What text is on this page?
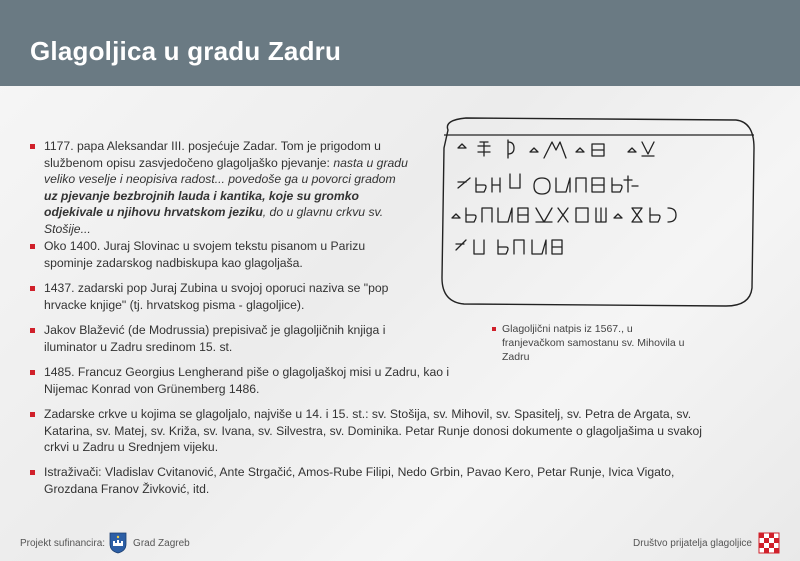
Glagoljica u gradu Zadru
1177. papa Aleksandar III. posjećuje Zadar. Tom je prigodom u službenom opisu zasvjedočeno glagoljaško pjevanje: nasta u gradu veliko veselje i neopisiva radost... povedoše ga u povorci gradom uz pjevanje bezbrojnih lauda i kantika, koje su gromko odjekivale u njihovu hrvatskom jeziku, do u glavnu crkvu sv. Stošije...
Oko 1400. Juraj Slovinac u svojem tekstu pisanom u Parizu spominje zadarskog nadbiskupa kao glagoljaša.
1437. zadarski pop Juraj Zubina u svojoj oporuci naziva se "pop hrvacke knjige" (tj. hrvatskog pisma - glagoljice).
Jakov Blažević (de Modrussia) prepisivač je glagoljičnih knjiga i iluminator u Zadru sredinom 15. st.
1485. Francuz Georgius Lengherand piše o glagoljaškoj misi u Zadru, kao i Nijemac Konrad von Grünemberg 1486.
Zadarske crkve u kojima se glagoljalo, najviše u 14. i 15. st.: sv. Stošija, sv. Mihovil, sv. Spasitelj, sv. Petra de Argata, sv. Katarina, sv. Matej, sv. Križa, sv. Ivana, sv. Silvestra, sv. Dominika. Petar Runje donosi dokumente o glagoljašima u svakoj crkvi u Zadru u Srednjem vijeku.
Istraživači: Vladislav Cvitanović, Ante Strgačić, Amos-Rube Filipi, Nedo Grbin, Pavao Kero, Petar Runje, Ivica Vigato, Grozdana Franov Živković, itd.
Glagoljični natpis iz 1567., u franjevačkom samostanu sv. Mihovila u Zadru
Projekt sufinancira:	Grad Zagreb	Društvo prijatelja glagoljice
